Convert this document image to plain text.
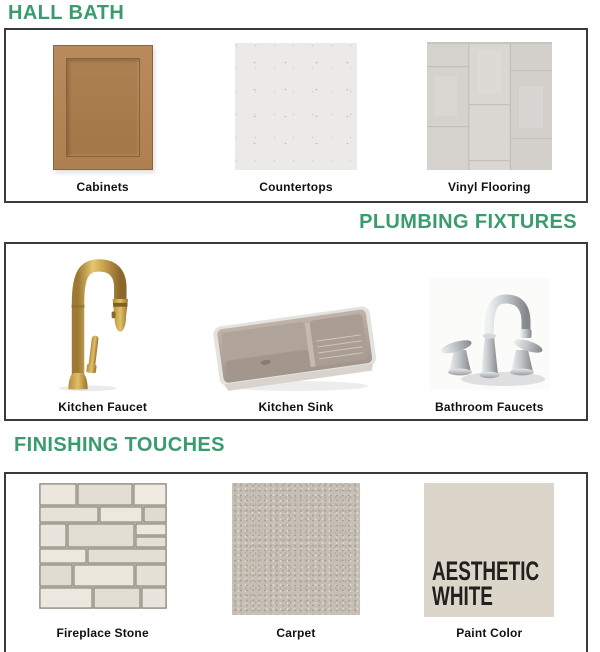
HALL BATH
Cabinets	Countertops	Vinyl Flooring
PLUMBING FIXTURES
Kitchen Faucet	Kitchen Sink	Bathroom Faucets
FINISHING TOUCHES
Fireplace Stone	Carpet
AESTHETIC
WHITE
Paint Color
